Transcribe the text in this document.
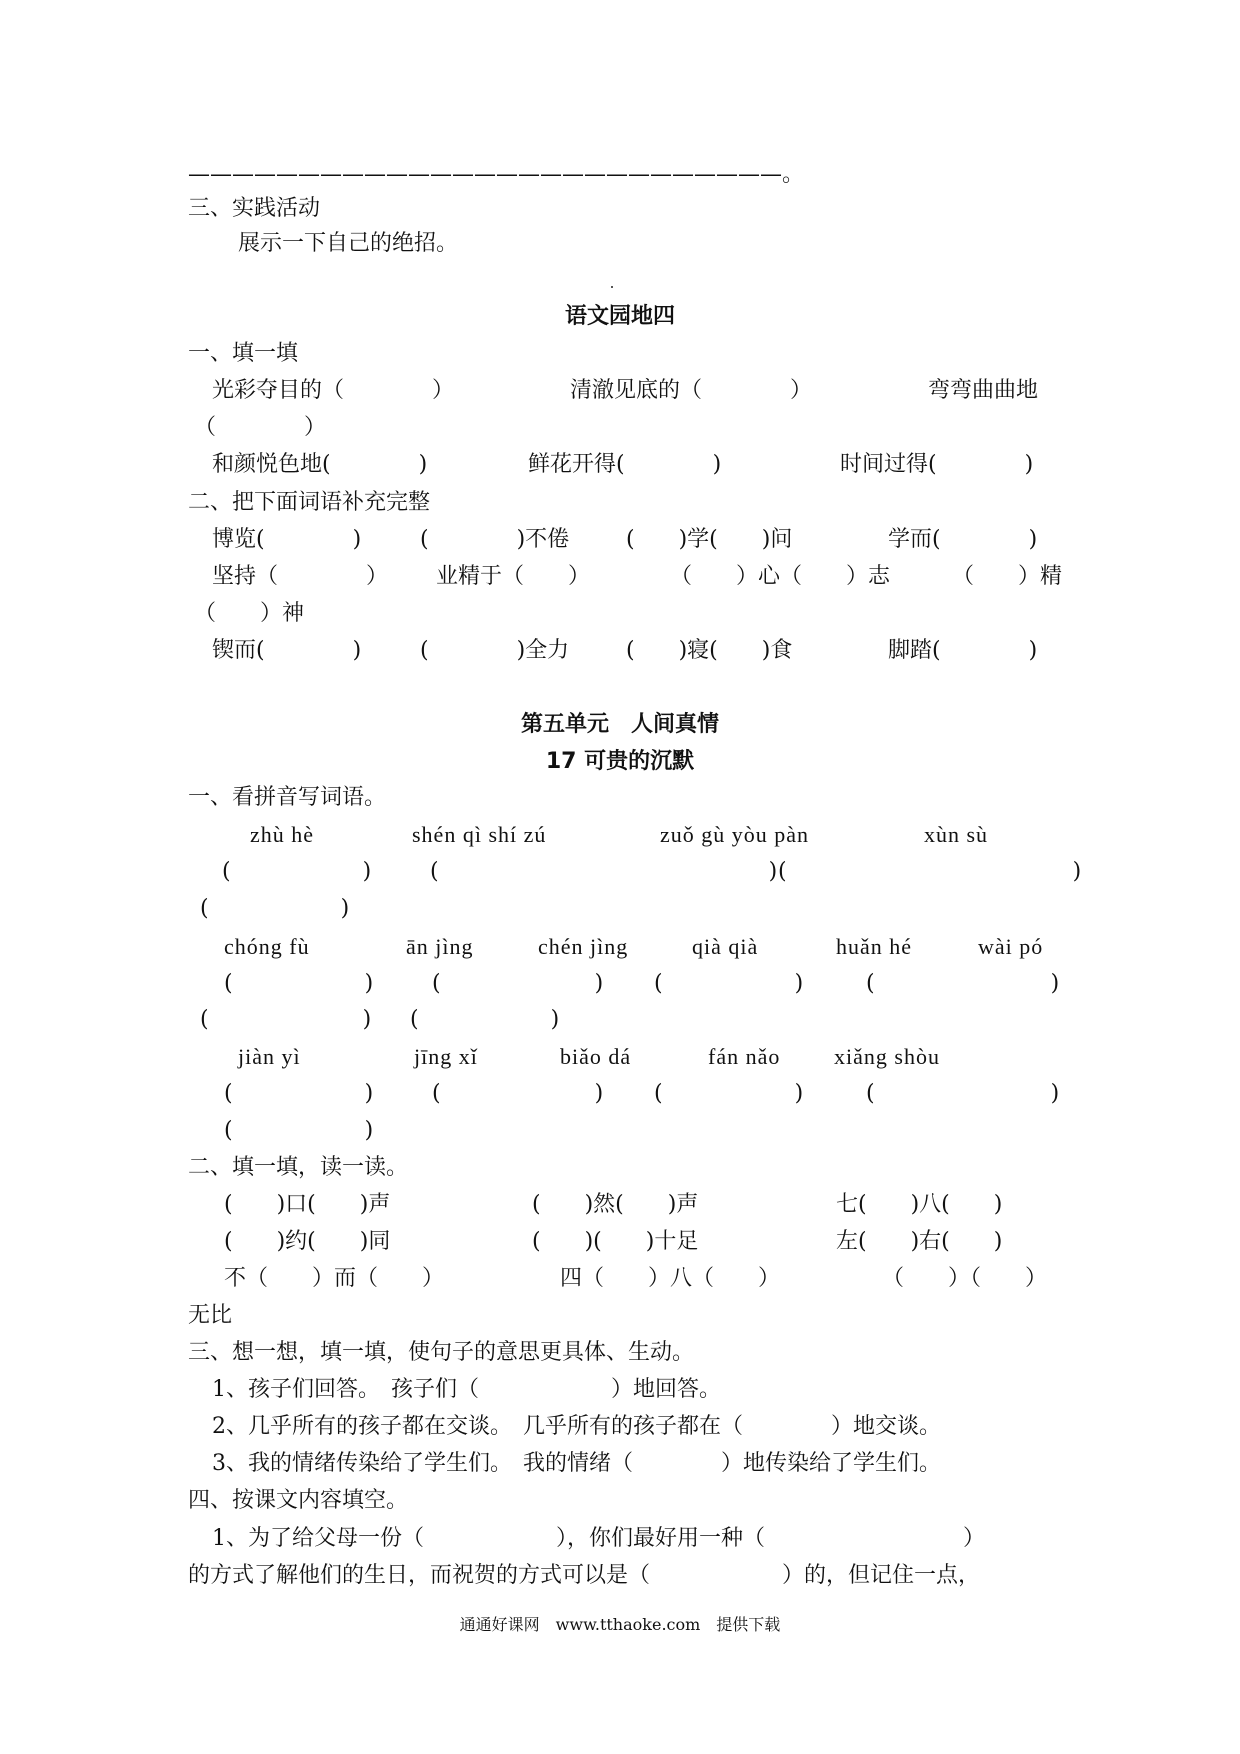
———————————————————————————。
三、实践活动
展示一下自己的绝招。
语文园地四
一、填一填
光彩夺目的（　　　　）	清澈见底的（　　　　）	弯弯曲曲地
（　　　　）
和颜悦色地(　　　　)	鲜花开得(　　　　)	时间过得(　　　　)
二、把下面词语补充完整
博览(　　　　)	(　　　　)不倦	(　　)学(　　)问	学而(　　　　)
坚持（　　　　） 业精于（　　）	（　　）心（　　）志	（　　）精
（　　）神
锲而(　　　　)	(　　　　)全力	(　　)寝(　　)食	脚踏(　　　　)
第五单元　人间真情
17 可贵的沉默
一、看拼音写词语。
zhù hè	shén qì shí zú	zuǒ gù yòu pàn	xùn sù
(　　　　　　)	(　　　　　　　　　　　　　　　) (　　　　　　　　　　　　　)
(　　　　　　)
chóng fù	ān jìng	chén jìng	qià qià	huǎn hé	wài pó
(　　　　　　)	(　　　　　　　) (　　　　　　)	(　　　　　　　　)
(　　　　　　　) (　　　　　　)
jiàn yì	jīng xǐ	biǎo dá	fán nǎo xiǎng shòu
(　　　　　　)	(　　　　　　　) (　　　　　　)	(　　　　　　　　)
(　　　　　　)
二、填一填，读一读。
(　　)口(　　)声	(　　)然(　　)声	七(　　)八(　　)
(　　)约(　　)同	(　　)(　　)十足	左(　　)右(　　)
不（　　）而（　　）	四（　　）八（　　）	（　　）（　　）
无比
三、想一想，填一填，使句子的意思更具体、生动。
1、孩子们回答。　孩子们（　　　　　　）地回答。
2、几乎所有的孩子都在交谈。　几乎所有的孩子都在（　　　　）地交谈。
3、我的情绪传染给了学生们。　我的情绪（　　　　）地传染给了学生们。
四、按课文内容填空。
1、为了给父母一份（　　　　　　），你们最好用一种（　　　　　　　　　）
的方式了解他们的生日，而祝贺的方式可以是（　　　　　　）的，但记住一点，
通通好课网　www.tthaoke.com　提供下载
